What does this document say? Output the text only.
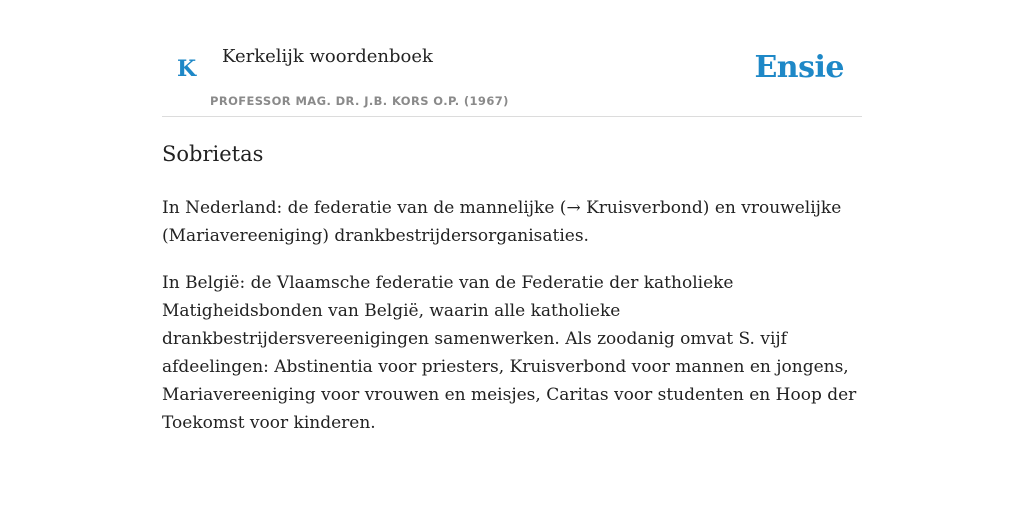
K Kerkelijk woordenboek
PROFESSOR MAG. DR. J.B. KORS O.P. (1967)
Ensie
Sobrietas

In Nederland: de federatie van de mannelijke (→ Kruisverbond) en vrouwelijke (Mariavereeniging) drankbestrijdersorganisaties.

In België: de Vlaamsche federatie van de Federatie der katholieke Matigheidsbonden van België, waarin alle katholieke drankbestrijdersvereenigingen samenwerken. Als zoodanig omvat S. vijf afdeelingen: Abstinentia voor priesters, Kruisverbond voor mannen en jongens, Mariavereeniging voor vrouwen en meisjes, Caritas voor studenten en Hoop der Toekomst voor kinderen.
